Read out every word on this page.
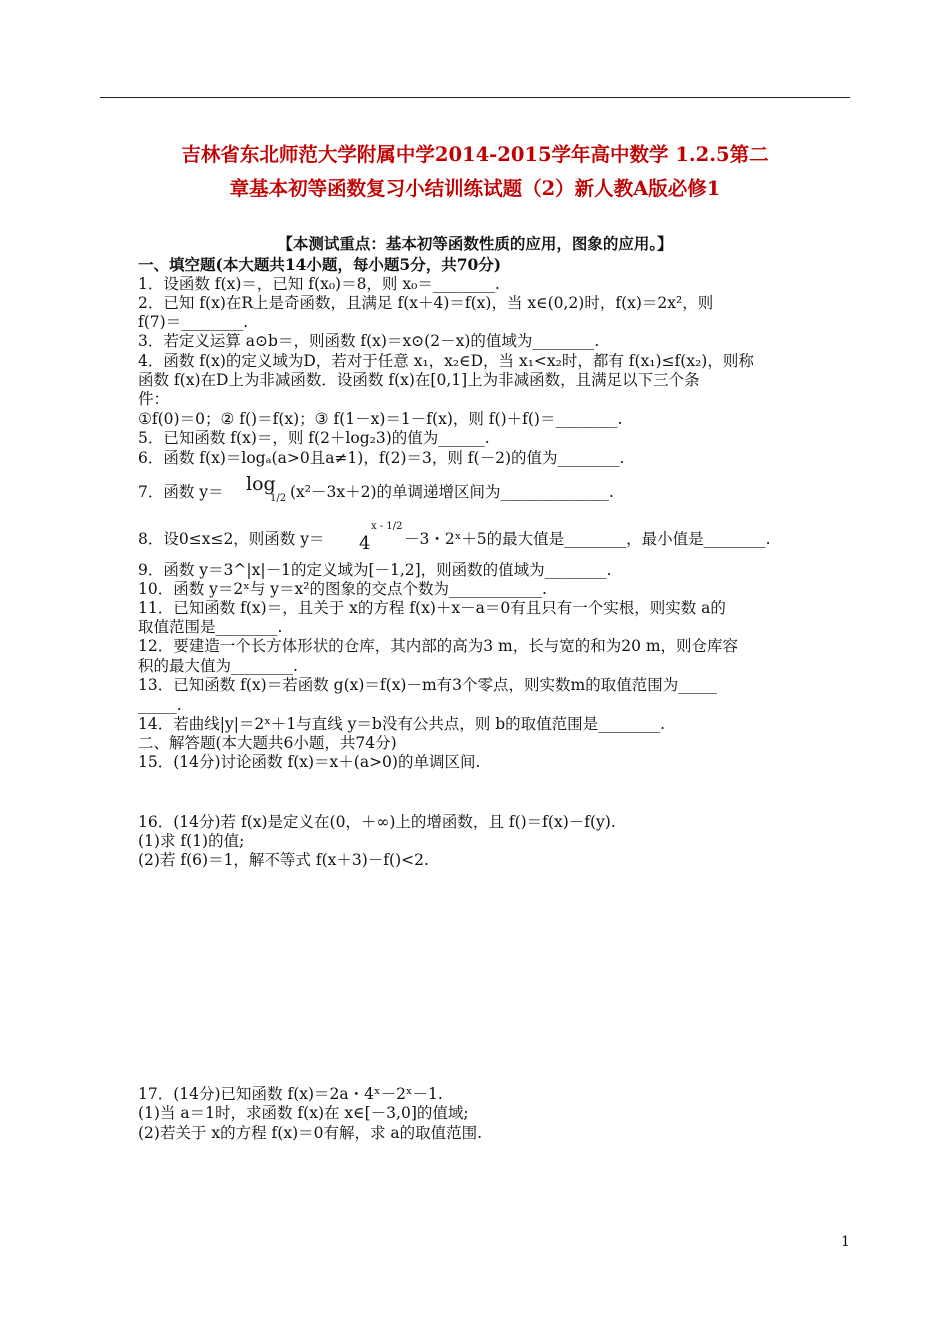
吉林省东北师范大学附属中学2014-2015学年高中数学 1.2.5第二
章基本初等函数复习小结训练试题（2）新人教A版必修1
【本测试重点：基本初等函数性质的应用，图象的应用。】
一、填空题(本大题共14小题，每小题5分，共70分)
1．设函数 f(x)＝，已知 f(x₀)＝8，则 x₀＝________.
2．已知 f(x)在R上是奇函数，且满足 f(x＋4)＝f(x)，当 x∈(0,2)时，f(x)＝2x²，则
f(7)＝________.
3．若定义运算 a⊙b＝，则函数 f(x)＝x⊙(2－x)的值域为________.
4．函数 f(x)的定义域为D，若对于任意 x₁，x₂∈D，当 x₁<x₂时，都有 f(x₁)≤f(x₂)，则称
函数 f(x)在D上为非减函数．设函数 f(x)在[0,1]上为非减函数，且满足以下三个条
件：
①f(0)＝0；② f()＝f(x)；③ f(1－x)＝1－f(x)，则 f()＋f()＝________.
5．已知函数 f(x)＝，则 f(2＋log₂3)的值为______.
6．函数 f(x)＝logₐ(a>0且a≠1)，f(2)＝3，则 f(－2)的值为________.
7．函数 y＝ log
1/2 (x²－3x＋2)的单调递增区间为______________.
8．设0≤x≤2，则函数 y＝ 4
x - 1/2
－3・2ˣ＋5的最大值是________，最小值是________.
9．函数 y＝3^|x|－1的定义域为[－1,2]，则函数的值域为________.
10．函数 y＝2ˣ与 y＝x²的图象的交点个数为____________.
11．已知函数 f(x)＝，且关于 x的方程 f(x)＋x－a＝0有且只有一个实根，则实数 a的
取值范围是________.
12．要建造一个长方体形状的仓库，其内部的高为3 m，长与宽的和为20 m，则仓库容
积的最大值为________.
13．已知函数 f(x)＝若函数 g(x)＝f(x)－m有3个零点，则实数m的取值范围为_____
_____.
14．若曲线|y|＝2ˣ＋1与直线 y＝b没有公共点，则 b的取值范围是________.
二、解答题(本大题共6小题，共74分)
15．(14分)讨论函数 f(x)＝x＋(a>0)的单调区间.
16．(14分)若 f(x)是定义在(0，＋∞)上的增函数，且 f()＝f(x)－f(y).
(1)求 f(1)的值;
(2)若 f(6)＝1，解不等式 f(x＋3)－f()<2.
17．(14分)已知函数 f(x)＝2a・4ˣ－2ˣ－1.
(1)当 a＝1时，求函数 f(x)在 x∈[－3,0]的值域;
(2)若关于 x的方程 f(x)＝0有解，求 a的取值范围.
1
